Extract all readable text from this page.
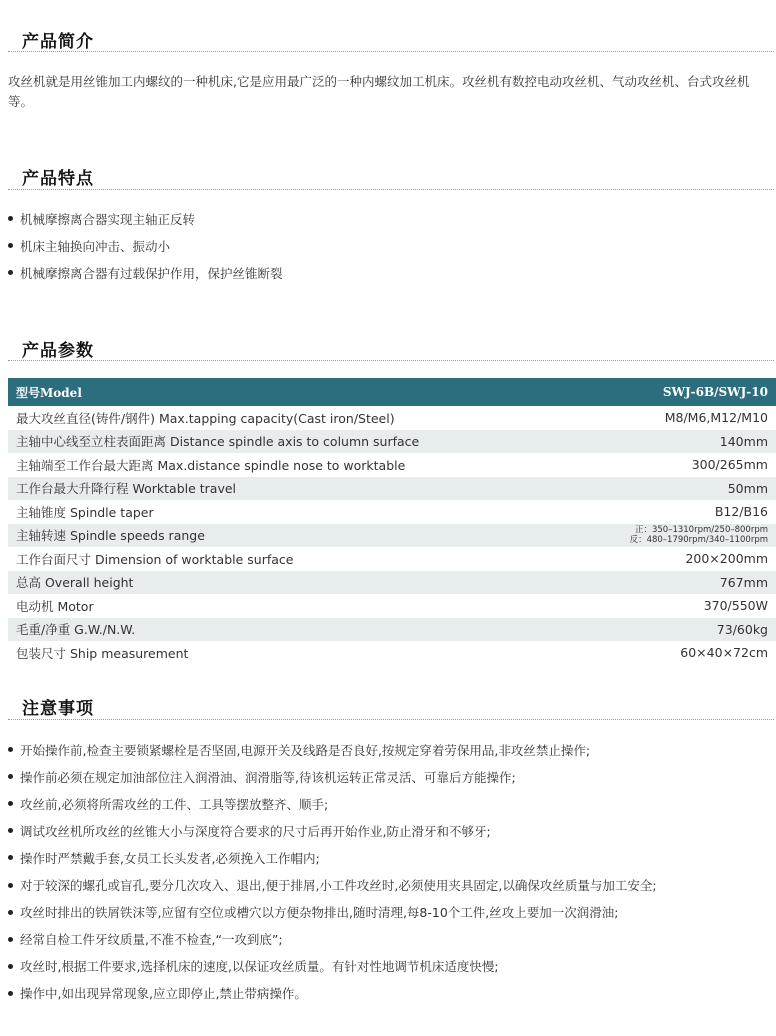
产品简介
攻丝机就是用丝锥加工内螺纹的一种机床,它是应用最广泛的一种内螺纹加工机床。攻丝机有数控电动攻丝机、气动攻丝机、台式攻丝机等。
产品特点
机械摩擦离合器实现主轴正反转
机床主轴换向冲击、振动小
机械摩擦离合器有过载保护作用，保护丝锥断裂
产品参数
型号Model	SWJ-6B/SWJ-10
最大攻丝直径(铸件/钢件) Max.tapping capacity(Cast iron/Steel)	M8/M6,M12/M10
主轴中心线至立柱表面距离 Distance spindle axis to column surface	140mm
主轴端至工作台最大距离 Max.distance spindle nose to worktable	300/265mm
工作台最大升降行程 Worktable travel	50mm
主轴锥度 Spindle taper	B12/B16
主轴转速 Spindle speeds range	正：350–1310rpm/250–800rpm
反：480–1790rpm/340–1100rpm

工作台面尺寸 Dimension of worktable surface	200×200mm
总高 Overall height	767mm
电动机 Motor	370/550W
毛重/净重 G.W./N.W.	73/60kg
包装尺寸 Ship measurement	60×40×72cm
注意事项
开始操作前,检查主要锁紧螺栓是否坚固,电源开关及线路是否良好,按规定穿着劳保用品,非攻丝禁止操作;
操作前必须在规定加油部位注入润滑油、润滑脂等,待该机运转正常灵活、可靠后方能操作;
攻丝前,必须将所需攻丝的工件、工具等摆放整齐、顺手;
调试攻丝机所攻丝的丝锥大小与深度符合要求的尺寸后再开始作业,防止滑牙和不够牙;
操作时严禁戴手套,女员工长头发者,必须挽入工作帽内;
对于较深的螺孔或盲孔,要分几次攻入、退出,便于排屑,小工件攻丝时,必须使用夹具固定,以确保攻丝质量与加工安全;
攻丝时排出的铁屑铁沫等,应留有空位或槽穴以方便杂物排出,随时清理,每8-10个工件,丝攻上要加一次润滑油;
经常自检工件牙纹质量,不准不检查,“一攻到底”;
攻丝时,根据工件要求,选择机床的速度,以保证攻丝质量。有针对性地调节机床适度快慢;
操作中,如出现异常现象,应立即停止,禁止带病操作。
